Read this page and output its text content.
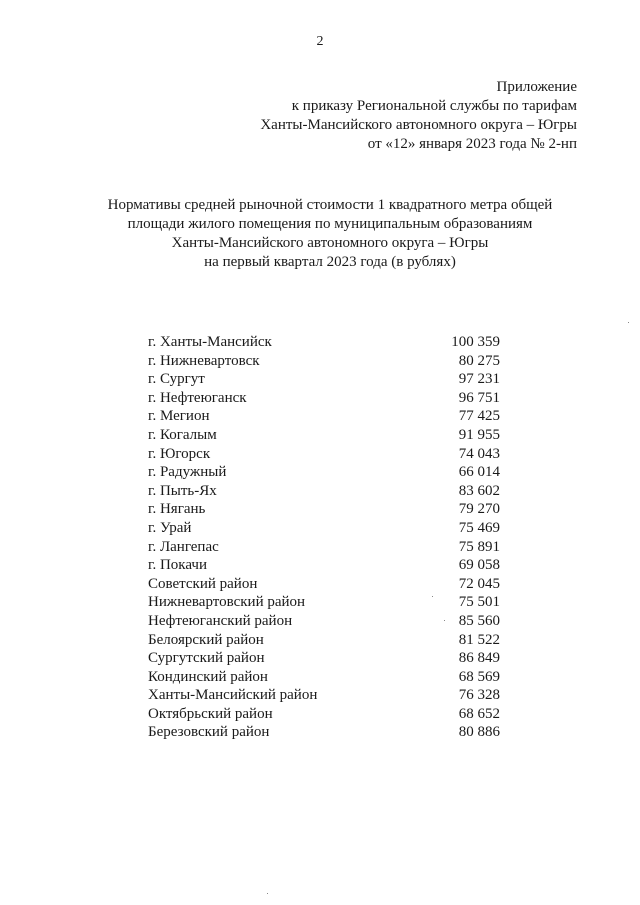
2
Приложение
к приказу Региональной службы по тарифам
Ханты-Мансийского автономного округа – Югры
от «12» января 2023 года № 2-нп
Нормативы средней рыночной стоимости 1 квадратного метра общей
площади жилого помещения по муниципальным образованиям
Ханты-Мансийского автономного округа – Югры
на первый квартал 2023 года (в рублях)
г. Ханты-Мансийск	100 359
г. Нижневартовск	80 275
г. Сургут	97 231
г. Нефтеюганск	96 751
г. Мегион	77 425
г. Когалым	91 955
г. Югорск	74 043
г. Радужный	66 014
г. Пыть-Ях	83 602
г. Нягань	79 270
г. Урай	75 469
г. Лангепас	75 891
г. Покачи	69 058
Советский район	72 045
Нижневартовский район	75 501
Нефтеюганский район	85 560
Белоярский район	81 522
Сургутский район	86 849
Кондинский район	68 569
Ханты-Мансийский район	76 328
Октябрьский район	68 652
Березовский район	80 886
